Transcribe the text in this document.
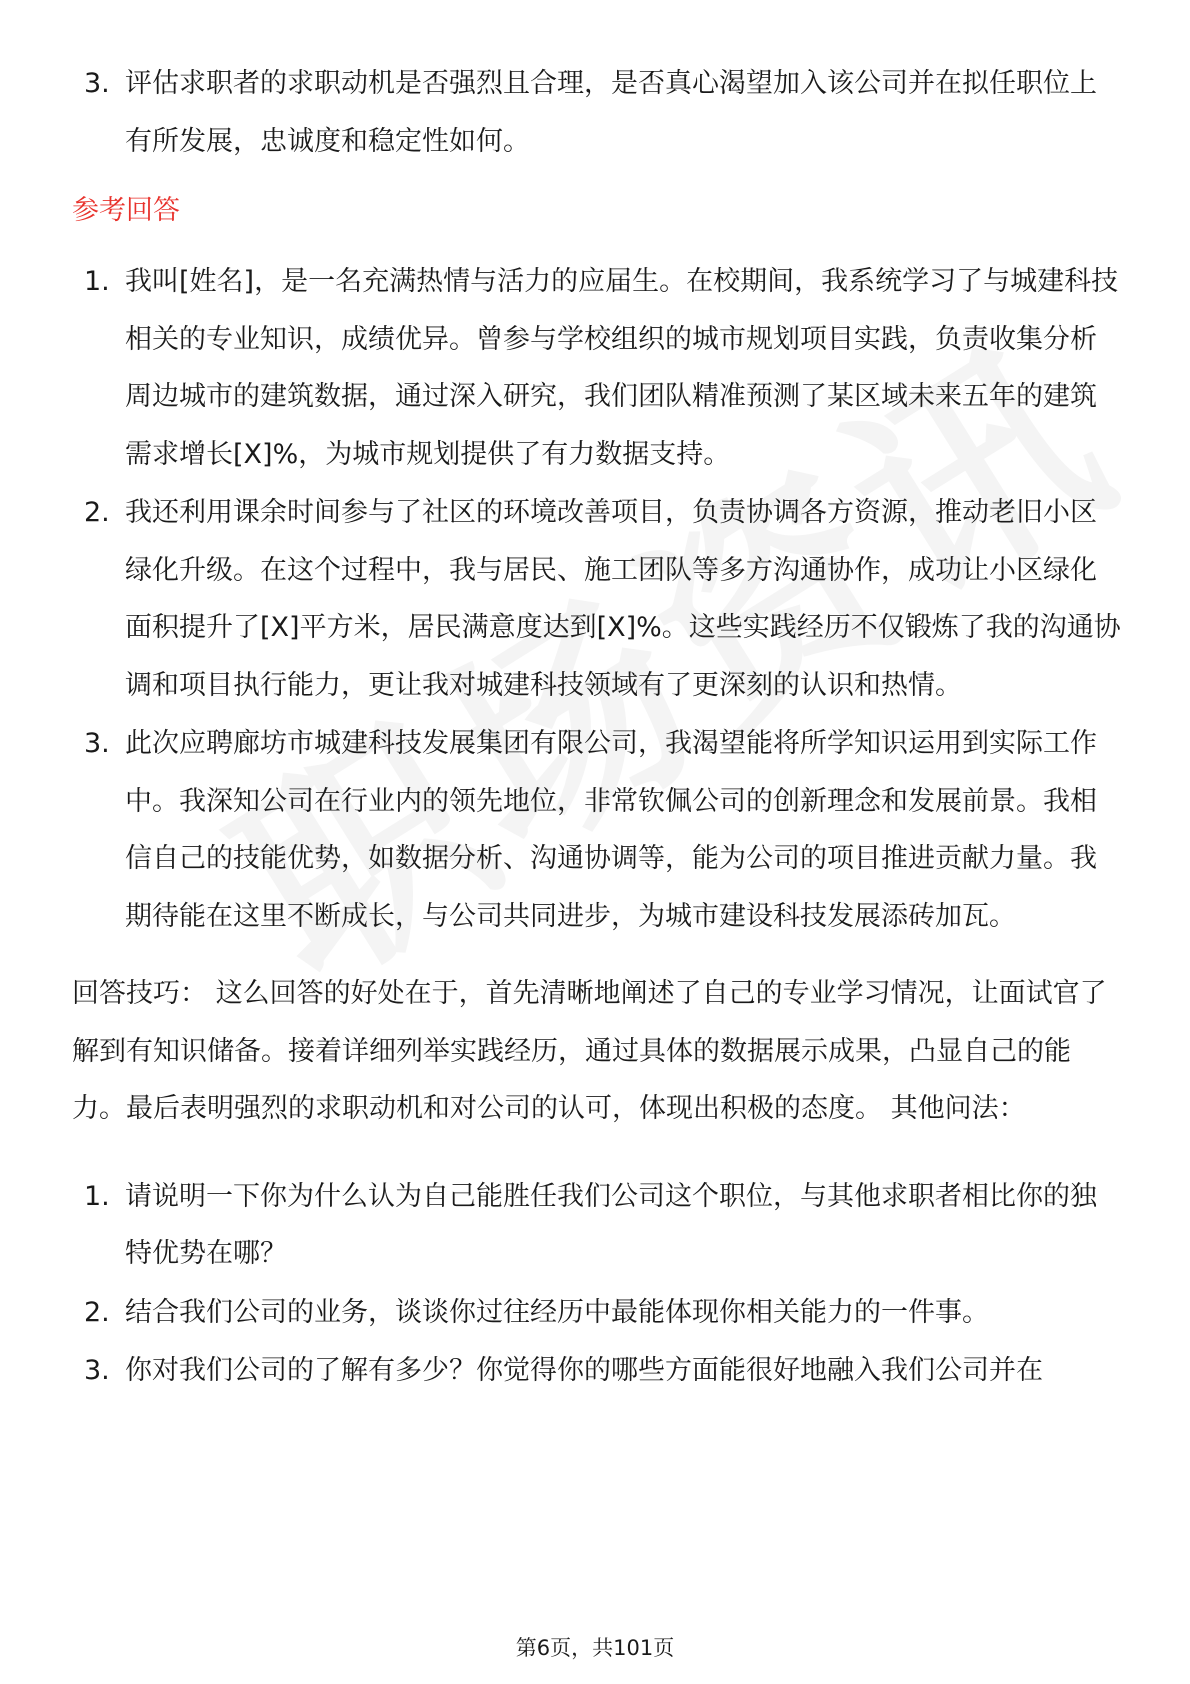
3. 评估求职者的求职动机是否强烈且合理，是否真心渴望加入该公司并在拟任职位上有所发展，忠诚度和稳定性如何。
参考回答
1. 我叫[姓名]，是一名充满热情与活力的应届生。在校期间，我系统学习了与城建科技相关的专业知识，成绩优异。曾参与学校组织的城市规划项目实践，负责收集分析周边城市的建筑数据，通过深入研究，我们团队精准预测了某区域未来五年的建筑需求增长[X]%，为城市规划提供了有力数据支持。
2. 我还利用课余时间参与了社区的环境改善项目，负责协调各方资源，推动老旧小区绿化升级。在这个过程中，我与居民、施工团队等多方沟通协作，成功让小区绿化面积提升了[X]平方米，居民满意度达到[X]%。这些实践经历不仅锻炼了我的沟通协调和项目执行能力，更让我对城建科技领域有了更深刻的认识和热情。
3. 此次应聘廊坊市城建科技发展集团有限公司，我渴望能将所学知识运用到实际工作中。我深知公司在行业内的领先地位，非常钦佩公司的创新理念和发展前景。我相信自己的技能优势，如数据分析、沟通协调等，能为公司的项目推进贡献力量。我期待能在这里不断成长，与公司共同进步，为城市建设科技发展添砖加瓦。

回答技巧： 这么回答的好处在于，首先清晰地阐述了自己的专业学习情况，让面试官了解到有知识储备。接着详细列举实践经历，通过具体的数据展示成果，凸显自己的能力。最后表明强烈的求职动机和对公司的认可，体现出积极的态度。 其他问法：

1. 请说明一下你为什么认为自己能胜任我们公司这个职位，与其他求职者相比你的独特优势在哪？
2. 结合我们公司的业务，谈谈你过往经历中最能体现你相关能力的一件事。
3. 你对我们公司的了解有多少？你觉得你的哪些方面能很好地融入我们公司并在
第6页，共101页
